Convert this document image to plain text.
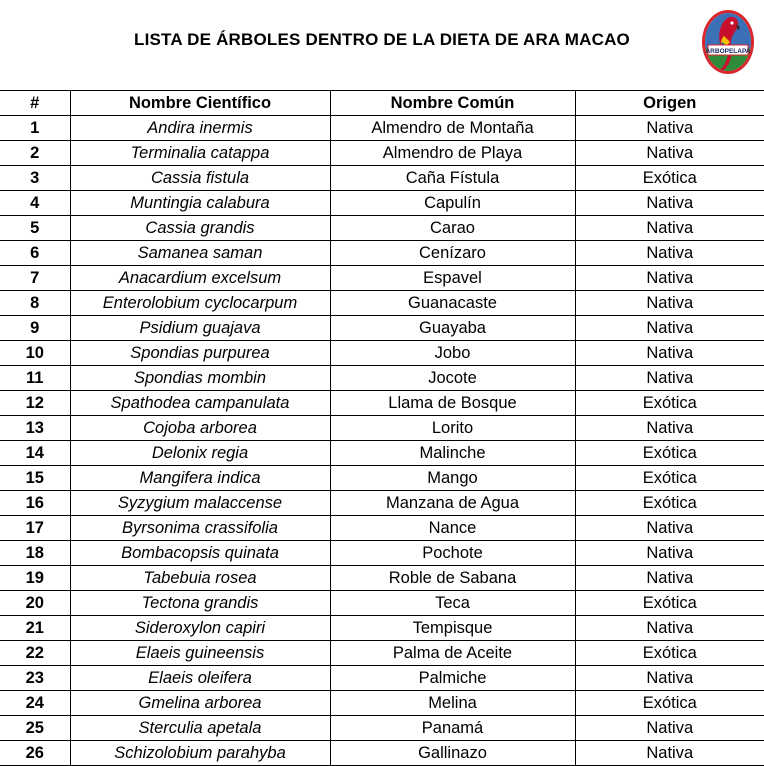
LISTA DE ÁRBOLES DENTRO DE LA DIETA DE ARA MACAO
ARBOPELAPA
#	Nombre Científico	Nombre Común	Origen
1	Andira inermis	Almendro de Montaña	Nativa
2	Terminalia catappa	Almendro de Playa	Nativa
3	Cassia fistula	Caña Fístula	Exótica
4	Muntingia calabura	Capulín	Nativa
5	Cassia grandis	Carao	Nativa
6	Samanea saman	Cenízaro	Nativa
7	Anacardium excelsum	Espavel	Nativa
8	Enterolobium cyclocarpum	Guanacaste	Nativa
9	Psidium guajava	Guayaba	Nativa
10	Spondias purpurea	Jobo	Nativa
11	Spondias mombin	Jocote	Nativa
12	Spathodea campanulata	Llama de Bosque	Exótica
13	Cojoba arborea	Lorito	Nativa
14	Delonix regia	Malinche	Exótica
15	Mangifera indica	Mango	Exótica
16	Syzygium malaccense	Manzana de Agua	Exótica
17	Byrsonima crassifolia	Nance	Nativa
18	Bombacopsis quinata	Pochote	Nativa
19	Tabebuia rosea	Roble de Sabana	Nativa
20	Tectona grandis	Teca	Exótica
21	Sideroxylon capiri	Tempisque	Nativa
22	Elaeis guineensis	Palma de Aceite	Exótica
23	Elaeis oleifera	Palmiche	Nativa
24	Gmelina arborea	Melina	Exótica
25	Sterculia apetala	Panamá	Nativa
26	Schizolobium parahyba	Gallinazo	Nativa
